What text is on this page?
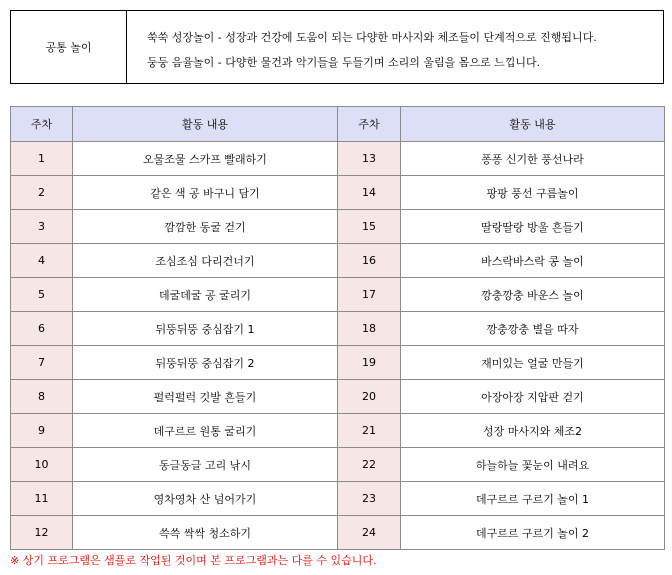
공통 놀이
쑥쑥 성장놀이 - 성장과 건강에 도움이 되는 다양한 마사지와 체조들이 단계적으로 진행됩니다.
둥둥 음율놀이 - 다양한 물건과 악기들을 두들기며 소리의 울림을 몸으로 느낍니다.
주차	활동 내용	주차	활동 내용
1	오물조물 스카프 빨래하기	13	퐁퐁 신기한 풍선나라
2	같은 색 공 바구니 담기	14	팡팡 풍선 구름놀이
3	깜깜한 동굴 걷기	15	딸랑딸랑 방울 흔들기
4	조심조심 다리건너기	16	바스락바스락 콩 놀이
5	데굴데굴 공 굴리기	17	깡충깡충 바운스 놀이
6	뒤뚱뒤뚱 중심잡기 1	18	깡충깡충 별을 따자
7	뒤뚱뒤뚱 중심잡기 2	19	재미있는 얼굴 만들기
8	펄럭펄럭 깃발 흔들기	20	아장아장 지압판 걷기
9	데구르르 원통 굴리기	21	성장 마사지와 체조2
10	동글동글 고리 낚시	22	하늘하늘 꽃눈이 내려요
11	영차영차 산 넘어가기	23	데구르르 구르기 놀이 1
12	쓱쓱 싹싹 청소하기	24	데구르르 구르기 놀이 2
※ 상기 프로그램은 샘플로 작업된 것이며 본 프로그램과는 다를 수 있습니다.
